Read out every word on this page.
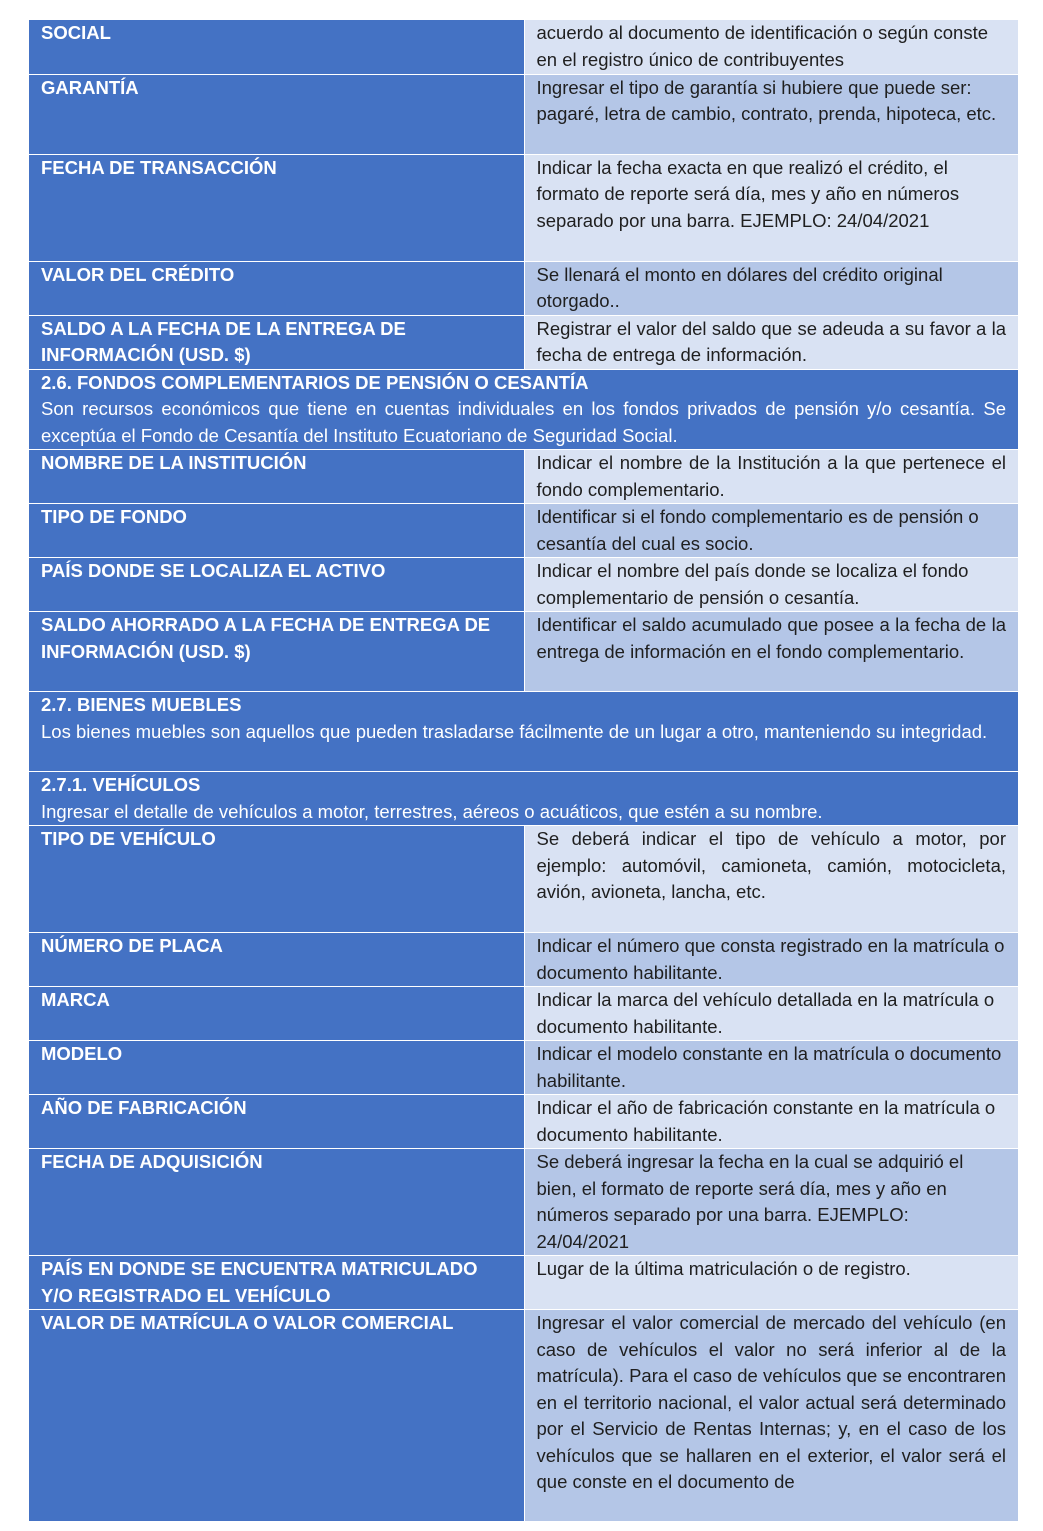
SOCIAL	acuerdo al documento de identificación o según conste en el registro único de contribuyentes
GARANTÍA	Ingresar el tipo de garantía si hubiere que puede ser: pagaré, letra de cambio, contrato, prenda, hipoteca, etc.
FECHA DE TRANSACCIÓN	Indicar la fecha exacta en que realizó el crédito, el formato de reporte será día, mes y año en números separado por una barra. EJEMPLO: 24/04/2021
VALOR DEL CRÉDITO	Se llenará el monto en dólares del crédito original otorgado..
SALDO A LA FECHA DE LA ENTREGA DE INFORMACIÓN (USD. $)	Registrar el valor del saldo que se adeuda a su favor a la fecha de entrega de información.

2.6. FONDOS COMPLEMENTARIOS DE PENSIÓN O CESANTÍA
Son recursos económicos que tiene en cuentas individuales en los fondos privados de pensión y/o cesantía. Se exceptúa el Fondo de Cesantía del Instituto Ecuatoriano de Seguridad Social.	

NOMBRE DE LA INSTITUCIÓN	Indicar el nombre de la Institución a la que pertenece el fondo complementario.
TIPO DE FONDO	Identificar si el fondo complementario es de pensión o cesantía del cual es socio.
PAÍS DONDE SE LOCALIZA EL ACTIVO	Indicar el nombre del país donde se localiza el fondo complementario de pensión o cesantía.
SALDO AHORRADO A LA FECHA DE ENTREGA DE INFORMACIÓN (USD. $)	Identificar el saldo acumulado que posee a la fecha de la entrega de información en el fondo complementario.

2.7. BIENES MUEBLES
Los bienes muebles son aquellos que pueden trasladarse fácilmente de un lugar a otro, manteniendo su integridad.	

2.7.1. VEHÍCULOS
Ingresar el detalle de vehículos a motor, terrestres, aéreos o acuáticos, que estén a su nombre.	

TIPO DE VEHÍCULO	Se deberá indicar el tipo de vehículo a motor, por ejemplo: automóvil, camioneta, camión, motocicleta, avión, avioneta, lancha, etc.
NÚMERO DE PLACA	Indicar el número que consta registrado en la matrícula o documento habilitante.
MARCA	Indicar la marca del vehículo detallada en la matrícula o documento habilitante.
MODELO	Indicar el modelo constante en la matrícula o documento habilitante.
AÑO DE FABRICACIÓN	Indicar el año de fabricación constante en la matrícula o documento habilitante.
FECHA DE ADQUISICIÓN	Se deberá ingresar la fecha en la cual se adquirió el bien, el formato de reporte será día, mes y año en números separado por una barra. EJEMPLO: 24/04/2021
PAÍS EN DONDE SE ENCUENTRA MATRICULADO Y/O REGISTRADO EL VEHÍCULO	Lugar de la última matriculación o de registro.
VALOR DE MATRÍCULA O VALOR COMERCIAL	Ingresar el valor comercial de mercado del vehículo (en caso de vehículos el valor no será inferior al de la matrícula). Para el caso de vehículos que se encontraren en el territorio nacional, el valor actual será determinado por el Servicio de Rentas Internas; y, en el caso de los vehículos que se hallaren en el exterior, el valor será el que conste en el documento de
